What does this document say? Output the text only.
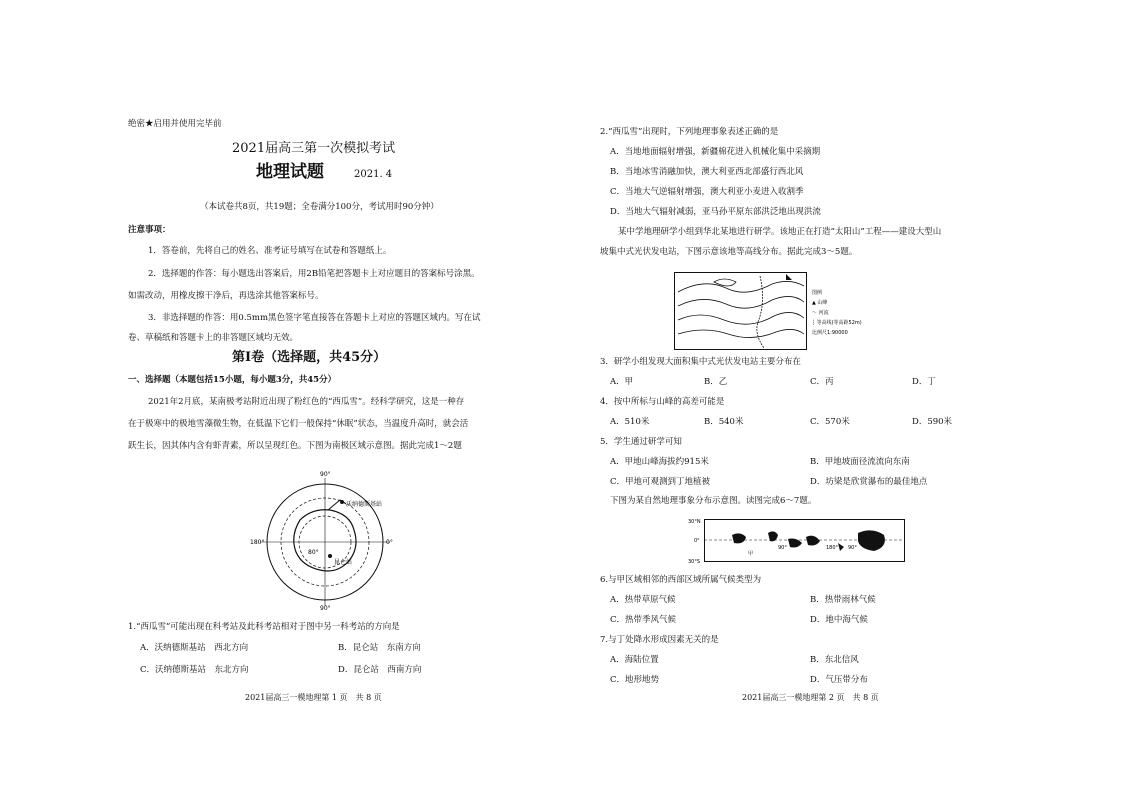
绝密★启用并使用完毕前
2021届高三第一次模拟考试
地理试题	2021. 4
（本试卷共8页，共19题；全卷满分100分，考试用时90分钟）
注意事项：
1．答卷前，先将自己的姓名、准考证号填写在试卷和答题纸上。
2．选择题的作答：每小题选出答案后，用2B铅笔把答题卡上对应题目的答案标号涂黑。
如需改动，用橡皮擦干净后，再选涂其他答案标号。
3．非选择题的作答：用0.5mm黑色签字笔直接答在答题卡上对应的答题区域内。写在试
卷、草稿纸和答题卡上的非答题区域均无效。
第Ⅰ卷（选择题，共45分）
一、选择题（本题包括15小题，每小题3分，共45分）
2021年2月底，某南极考站附近出现了粉红色的“西瓜雪”。经科学研究，这是一种存
在于极寒中的极地雪藻微生物，在低温下它们一般保持“休眠”状态，当温度升高时，就会活
跃生长，因其体内含有虾青素，所以呈现红色。下图为南极区域示意图。据此完成1～2题
90°
90°
180°	0°
沃纳德斯基站
昆仑站
80°
1.“西瓜雪”可能出现在科考站及此科考站相对于图中另一科考站的方向是
A．沃纳德斯基站　西北方向	B．昆仑站　东南方向
C．沃纳德斯基站　东北方向	D．昆仑站　西南方向
2021届高三一模地理第 1 页　共 8 页
2.“西瓜雪”出现时，下列地理事象表述正确的是
A．当地地面辐射增强，新疆棉花进入机械化集中采摘期
B．当地冰雪消融加快，澳大利亚西北部盛行西北风
C．当地大气逆辐射增强，澳大利亚小麦进入收割季
D．当地大气辐射减弱，亚马孙平原东部洪泛地出现洪流
某中学地理研学小组到华北某地进行研学。该地正在打造“太阳山”工程——建设大型山
坡集中式光伏发电站，下图示意该地等高线分布。据此完成3～5题。
图例
▲ 山峰
～ 河流
┆ 等高线(等高距52m)
比例尺1:90000
3．研学小组发现大面积集中式光伏发电站主要分布在
A．甲	B．乙	C．丙	D．丁
4．按中所标与山峰的高差可能是
A．510米	B．540米	C．570米	D．590米
5．学生通过研学可知
A．甲地山峰海拔约915米	B．甲地坡面径流流向东南
C．甲地可观测到丁地植被	D．坊梁是欣赏瀑布的最佳地点
下图为某自然地理事象分布示意图。读图完成6～7题。
30°N
0°
30°S
90°	180° 90°
甲
6.与甲区域相邻的西部区域所属气候类型为
A．热带草原气候	B．热带雨林气候
C．热带季风气候	D．地中海气候
7.与丁处降水形成因素无关的是
A．海陆位置	B．东北信风
C．地形地势	D．气压带分布
2021届高三一模地理第 2 页　共 8 页
